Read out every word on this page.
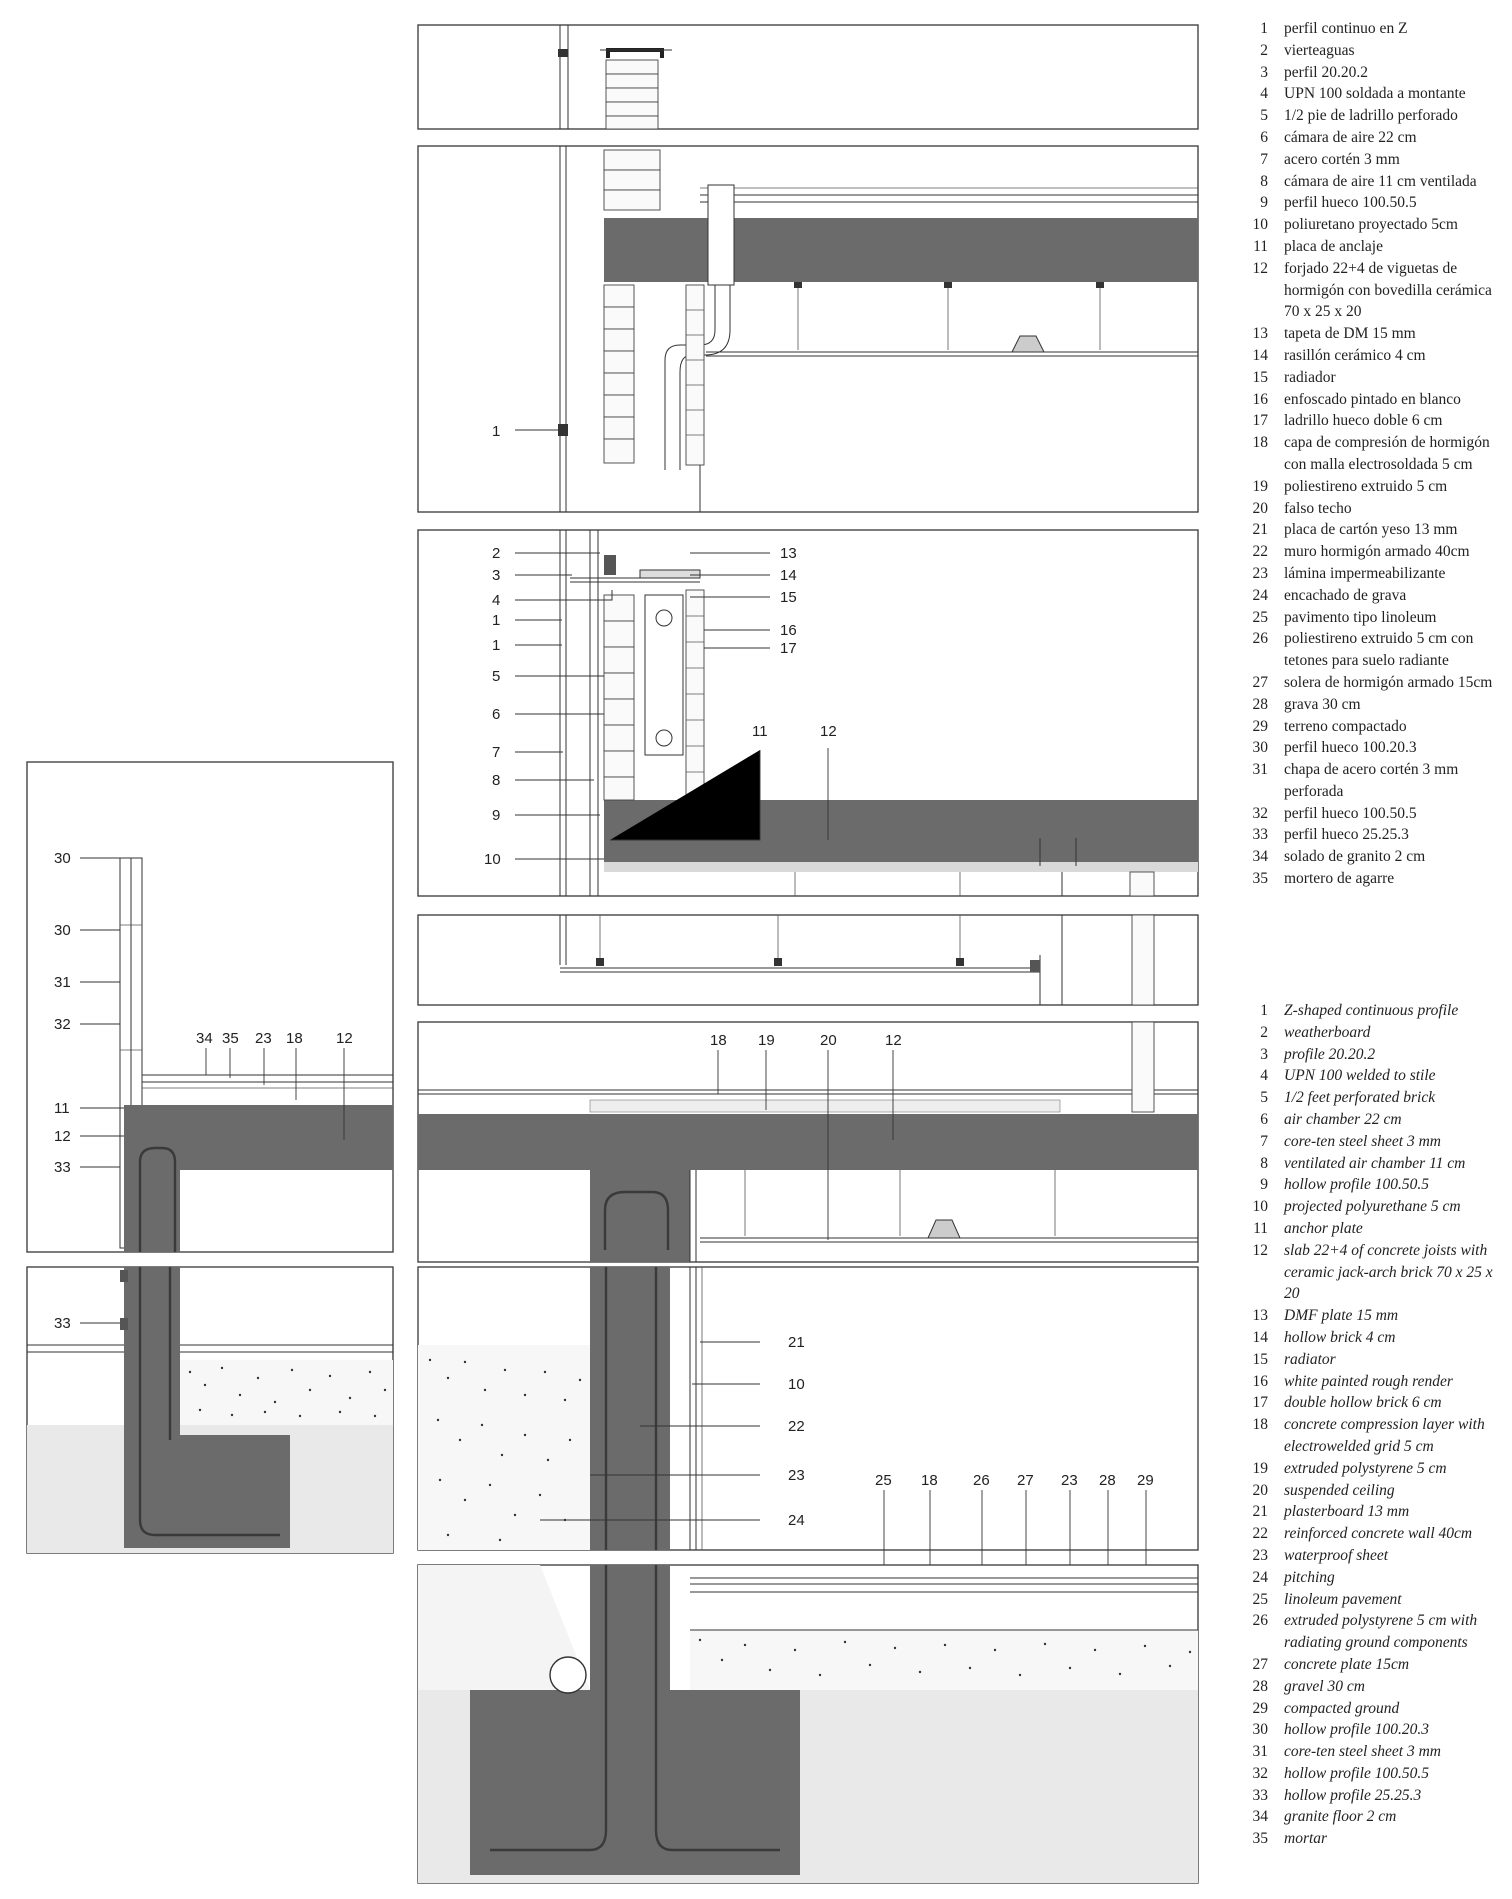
1
2
3
4
1
1
5
6
7
8
9
10
13
14
15
16
17
11	12
18 19	20	12
30
30
31
32
11
12
33
34 35 23 18 12
33
21
10
22
23
24
25 18 26 27 23 28 29
1	perfil continuo en Z
2	vierteaguas
3	perfil 20.20.2
4	UPN 100 soldada a montante
5	1/2 pie de ladrillo perforado
6	cámara de aire 22 cm
7	acero cortén 3 mm
8	cámara de aire 11 cm ventilada
9	perfil hueco 100.50.5
10	poliuretano proyectado 5cm
11	placa de anclaje
12	forjado 22+4 de viguetas de hormigón con bovedilla cerámica 70 x 25 x 20
13	tapeta de DM 15 mm
14	rasillón cerámico 4 cm
15	radiador
16	enfoscado pintado en blanco
17	ladrillo hueco doble 6 cm
18	capa de compresión de hormigón con malla electrosoldada 5 cm
19	poliestireno extruido 5 cm
20	falso techo
21	placa de cartón yeso 13 mm
22	muro hormigón armado 40cm
23	lámina impermeabilizante
24	encachado de grava
25	pavimento tipo linoleum
26	poliestireno extruido 5 cm con tetones para suelo radiante
27	solera de hormigón armado 15cm
28	grava 30 cm
29	terreno compactado
30	perfil hueco 100.20.3
31	chapa de acero cortén 3 mm perforada
32	perfil hueco 100.50.5
33	perfil hueco 25.25.3
34	solado de granito 2 cm
35	mortero de agarre
1	Z-shaped continuous profile
2	weatherboard
3	profile 20.20.2
4	UPN 100 welded to stile
5	1/2 feet perforated brick
6	air chamber 22 cm
7	core-ten steel sheet 3 mm
8	ventilated air chamber 11 cm
9	hollow profile 100.50.5
10	projected polyurethane 5 cm
11	anchor plate
12	slab 22+4 of concrete joists with ceramic jack-arch brick 70 x 25 x 20
13	DMF plate 15 mm
14	hollow brick 4 cm
15	radiator
16	white painted rough render
17	double hollow brick 6 cm
18	concrete compression layer with electrowelded grid 5 cm
19	extruded polystyrene 5 cm
20	suspended ceiling
21	plasterboard 13 mm
22	reinforced concrete wall 40cm
23	waterproof sheet
24	pitching
25	linoleum pavement
26	extruded polystyrene 5 cm with radiating ground components
27	concrete plate 15cm
28	gravel 30 cm
29	compacted ground
30	hollow profile 100.20.3
31	core-ten steel sheet 3 mm
32	hollow profile 100.50.5
33	hollow profile 25.25.3
34	granite floor 2 cm
35	mortar
